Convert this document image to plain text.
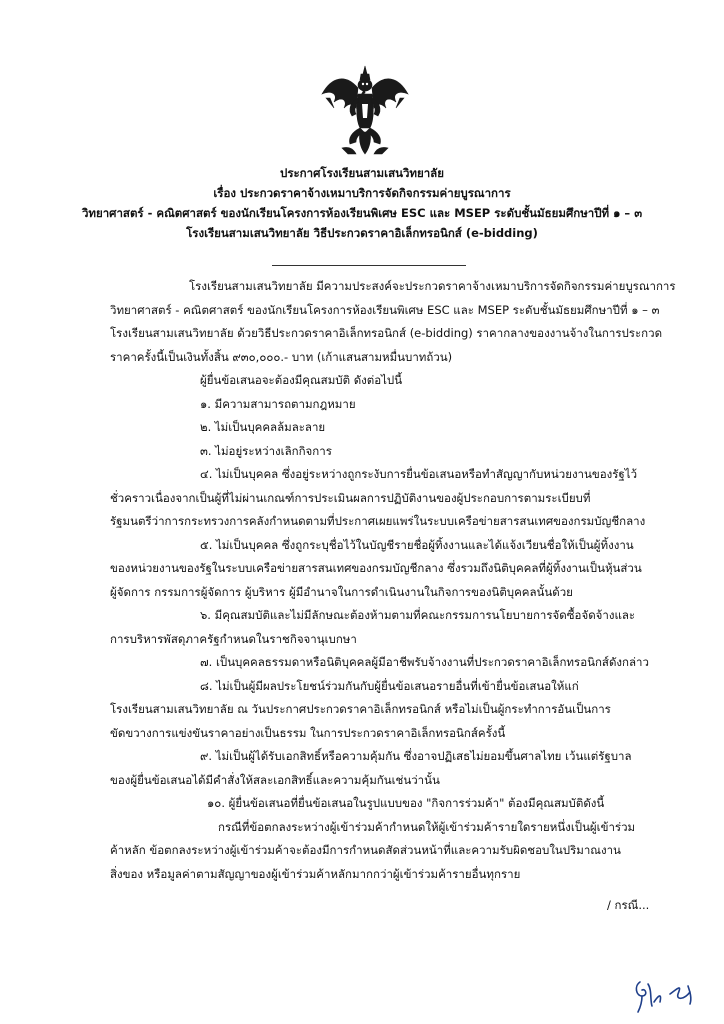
ประกาศโรงเรียนสามเสนวิทยาลัย
เรื่อง ประกวดราคาจ้างเหมาบริการจัดกิจกรรมค่ายบูรณาการ
วิทยาศาสตร์ - คณิตศาสตร์ ของนักเรียนโครงการห้องเรียนพิเศษ ESC และ MSEP ระดับชั้นมัธยมศึกษาปีที่ ๑ – ๓
โรงเรียนสามเสนวิทยาลัย วิธีประกวดราคาอิเล็กทรอนิกส์ (e-bidding)
โรงเรียนสามเสนวิทยาลัย มีความประสงค์จะประกวดราคาจ้างเหมาบริการจัดกิจกรรมค่ายบูรณาการ
วิทยาศาสตร์ - คณิตศาสตร์ ของนักเรียนโครงการห้องเรียนพิเศษ ESC และ MSEP ระดับชั้นมัธยมศึกษาปีที่ ๑ – ๓
โรงเรียนสามเสนวิทยาลัย ด้วยวิธีประกวดราคาอิเล็กทรอนิกส์ (e-bidding) ราคากลางของงานจ้างในการประกวด
ราคาครั้งนี้เป็นเงินทั้งสิ้น ๙๓๐,๐๐๐.- บาท (เก้าแสนสามหมื่นบาทถ้วน)
ผู้ยื่นข้อเสนอจะต้องมีคุณสมบัติ ดังต่อไปนี้
๑. มีความสามารถตามกฎหมาย
๒. ไม่เป็นบุคคลล้มละลาย
๓. ไม่อยู่ระหว่างเลิกกิจการ
๔. ไม่เป็นบุคคล ซึ่งอยู่ระหว่างถูกระงับการยื่นข้อเสนอหรือทำสัญญากับหน่วยงานของรัฐไว้
ชั่วคราวเนื่องจากเป็นผู้ที่ไม่ผ่านเกณฑ์การประเมินผลการปฏิบัติงานของผู้ประกอบการตามระเบียบที่
รัฐมนตรีว่าการกระทรวงการคลังกำหนดตามที่ประกาศเผยแพร่ในระบบเครือข่ายสารสนเทศของกรมบัญชีกลาง
๕. ไม่เป็นบุคคล ซึ่งถูกระบุชื่อไว้ในบัญชีรายชื่อผู้ทิ้งงานและได้แจ้งเวียนชื่อให้เป็นผู้ทิ้งงาน
ของหน่วยงานของรัฐในระบบเครือข่ายสารสนเทศของกรมบัญชีกลาง ซึ่งรวมถึงนิติบุคคลที่ผู้ทิ้งงานเป็นหุ้นส่วน
ผู้จัดการ กรรมการผู้จัดการ ผู้บริหาร ผู้มีอำนาจในการดำเนินงานในกิจการของนิติบุคคลนั้นด้วย
๖. มีคุณสมบัติและไม่มีลักษณะต้องห้ามตามที่คณะกรรมการนโยบายการจัดซื้อจัดจ้างและ
การบริหารพัสดุภาครัฐกำหนดในราชกิจจานุเบกษา
๗. เป็นบุคคลธรรมดาหรือนิติบุคคลผู้มีอาชีพรับจ้างงานที่ประกวดราคาอิเล็กทรอนิกส์ดังกล่าว
๘. ไม่เป็นผู้มีผลประโยชน์ร่วมกันกับผู้ยื่นข้อเสนอรายอื่นที่เข้ายื่นข้อเสนอให้แก่
โรงเรียนสามเสนวิทยาลัย ณ วันประกาศประกวดราคาอิเล็กทรอนิกส์ หรือไม่เป็นผู้กระทำการอันเป็นการ
ขัดขวางการแข่งขันราคาอย่างเป็นธรรม ในการประกวดราคาอิเล็กทรอนิกส์ครั้งนี้
๙. ไม่เป็นผู้ได้รับเอกสิทธิ์หรือความคุ้มกัน ซึ่งอาจปฏิเสธไม่ยอมขึ้นศาลไทย เว้นแต่รัฐบาล
ของผู้ยื่นข้อเสนอได้มีคำสั่งให้สละเอกสิทธิ์และความคุ้มกันเช่นว่านั้น
๑๐. ผู้ยื่นข้อเสนอที่ยื่นข้อเสนอในรูปแบบของ "กิจการร่วมค้า" ต้องมีคุณสมบัติดังนี้
กรณีที่ข้อตกลงระหว่างผู้เข้าร่วมค้ากำหนดให้ผู้เข้าร่วมค้ารายใดรายหนึ่งเป็นผู้เข้าร่วม
ค้าหลัก ข้อตกลงระหว่างผู้เข้าร่วมค้าจะต้องมีการกำหนดสัดส่วนหน้าที่และความรับผิดชอบในปริมาณงาน
สิ่งของ หรือมูลค่าตามสัญญาของผู้เข้าร่วมค้าหลักมากกว่าผู้เข้าร่วมค้ารายอื่นทุกราย
/ กรณี...
